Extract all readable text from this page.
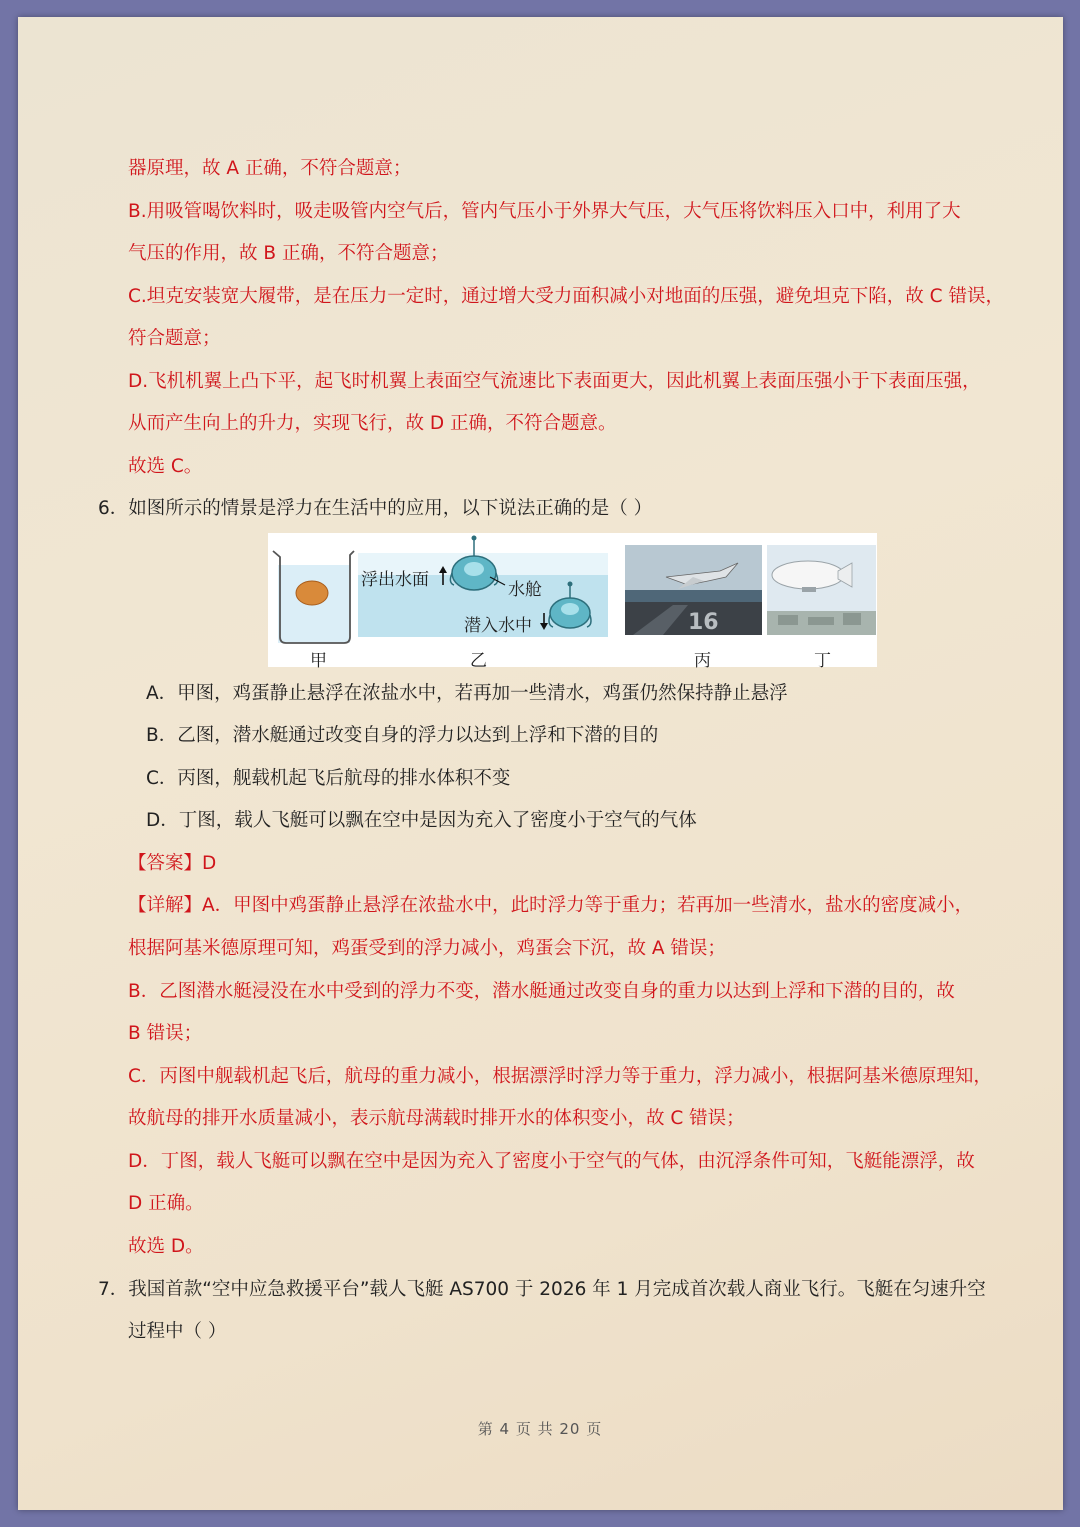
器原理，故 A 正确，不符合题意；
B.用吸管喝饮料时，吸走吸管内空气后，管内气压小于外界大气压，大气压将饮料压入口中，利用了大
气压的作用，故 B 正确，不符合题意；
C.坦克安装宽大履带，是在压力一定时，通过增大受力面积减小对地面的压强，避免坦克下陷，故 C 错误，
符合题意；
D.飞机机翼上凸下平，起飞时机翼上表面空气流速比下表面更大，因此机翼上表面压强小于下表面压强，
从而产生向上的升力，实现飞行，故 D 正确，不符合题意。
故选 C。
6．如图所示的情景是浮力在生活中的应用，以下说法正确的是（ ）
浮出水面	水舱
潜入水中	16
甲	乙	丙	丁
A．甲图，鸡蛋静止悬浮在浓盐水中，若再加一些清水，鸡蛋仍然保持静止悬浮
B．乙图，潜水艇通过改变自身的浮力以达到上浮和下潜的目的
C．丙图，舰载机起飞后航母的排水体积不变
D．丁图，载人飞艇可以飘在空中是因为充入了密度小于空气的气体
【答案】D
【详解】A．甲图中鸡蛋静止悬浮在浓盐水中，此时浮力等于重力；若再加一些清水，盐水的密度减小，
根据阿基米德原理可知，鸡蛋受到的浮力减小，鸡蛋会下沉，故 A 错误；
B．乙图潜水艇浸没在水中受到的浮力不变，潜水艇通过改变自身的重力以达到上浮和下潜的目的，故
B 错误；
C．丙图中舰载机起飞后，航母的重力减小，根据漂浮时浮力等于重力，浮力减小，根据阿基米德原理知，
故航母的排开水质量减小，表示航母满载时排开水的体积变小，故 C 错误；
D．丁图，载人飞艇可以飘在空中是因为充入了密度小于空气的气体，由沉浮条件可知，飞艇能漂浮，故
D 正确。
故选 D。
7．我国首款“空中应急救援平台”载人飞艇 AS700 于 2026 年 1 月完成首次载人商业飞行。飞艇在匀速升空
过程中（ ）
第 4 页 共 20 页
